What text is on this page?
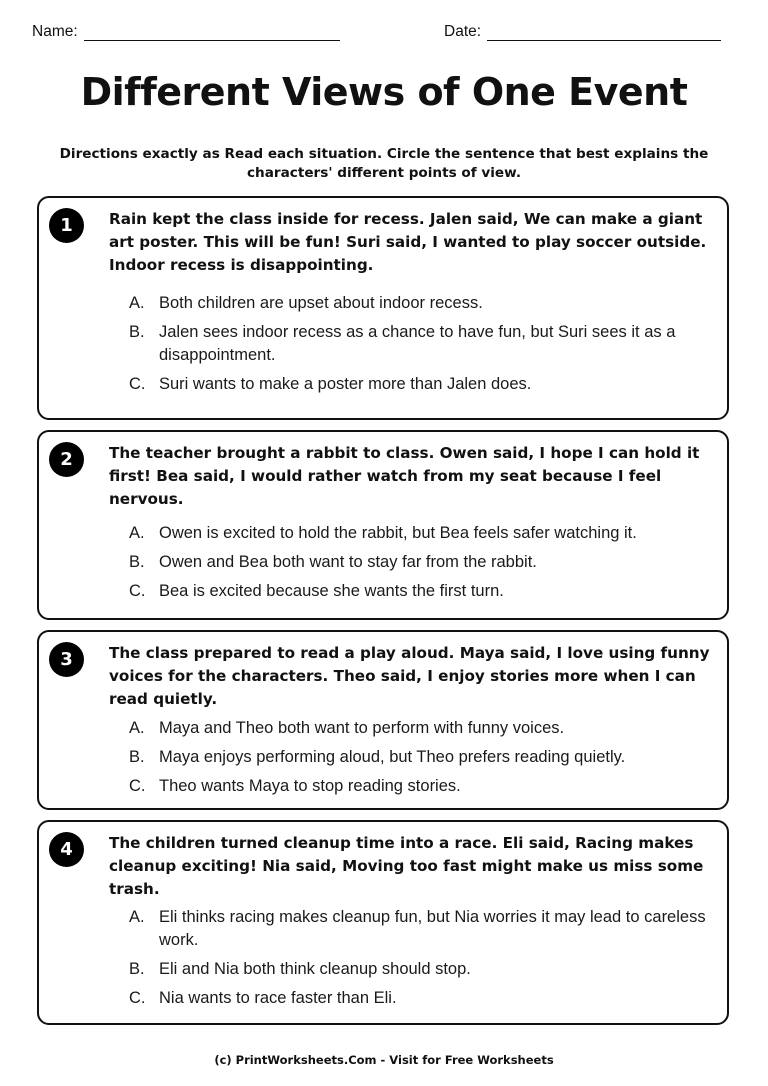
Name:	Date:
Different Views of One Event

Directions exactly as Read each situation. Circle the sentence that best explains the characters' different points of view.

1	Rain kept the class inside for recess. Jalen said, We can make a giant art poster. This will be fun! Suri said, I wanted to play soccer outside. Indoor recess is disappointing.

A. Both children are upset about indoor recess.
B. Jalen sees indoor recess as a chance to have fun, but Suri sees it as a disappointment.
C. Suri wants to make a poster more than Jalen does.
2	The teacher brought a rabbit to class. Owen said, I hope I can hold it first! Bea said, I would rather watch from my seat because I feel nervous.

A. Owen is excited to hold the rabbit, but Bea feels safer watching it.
B. Owen and Bea both want to stay far from the rabbit.
C. Bea is excited because she wants the first turn.
3	The class prepared to read a play aloud. Maya said, I love using funny voices for the characters. Theo said, I enjoy stories more when I can read quietly.

A. Maya and Theo both want to perform with funny voices.
B. Maya enjoys performing aloud, but Theo prefers reading quietly.
C. Theo wants Maya to stop reading stories.
4	The children turned cleanup time into a race. Eli said, Racing makes cleanup exciting! Nia said, Moving too fast might make us miss some trash.

A. Eli thinks racing makes cleanup fun, but Nia worries it may lead to careless work.
B. Eli and Nia both think cleanup should stop.
C. Nia wants to race faster than Eli.
(c) PrintWorksheets.Com - Visit for Free Worksheets
